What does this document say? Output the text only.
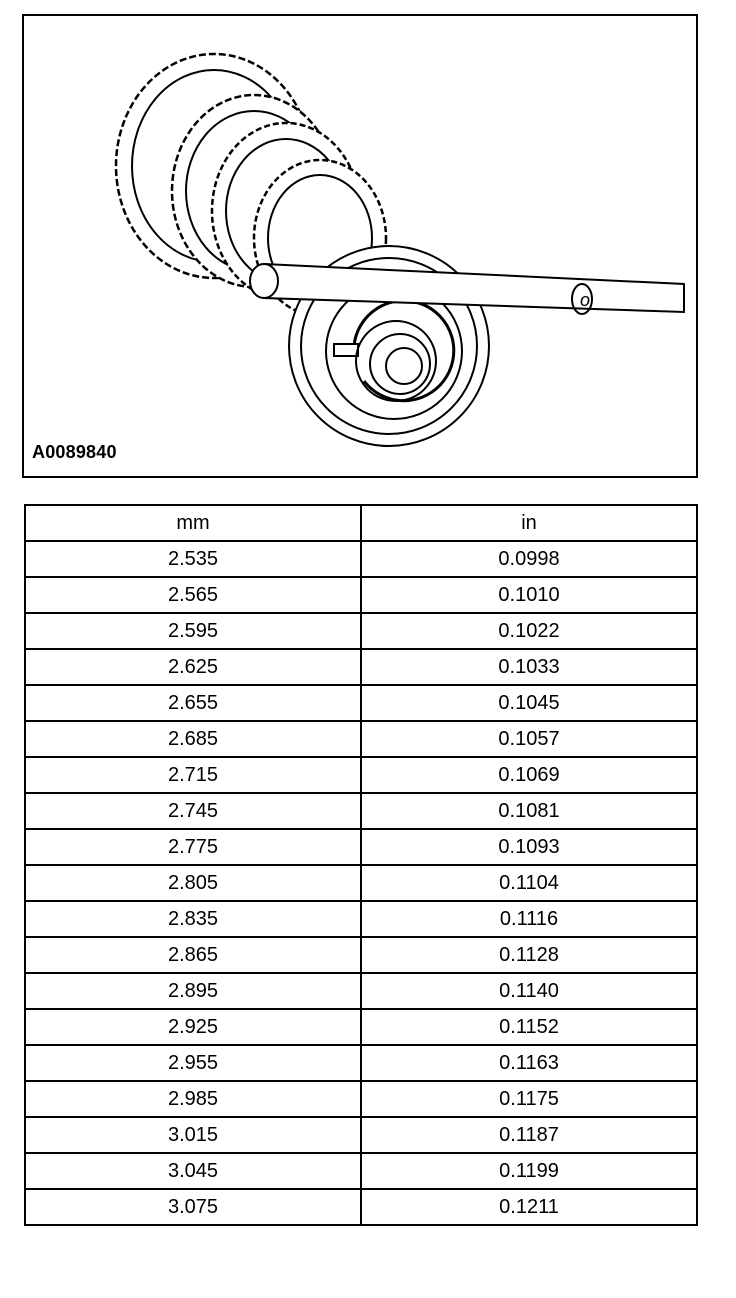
o
A0089840
mm	in
2.535	0.0998
2.565	0.1010
2.595	0.1022
2.625	0.1033
2.655	0.1045
2.685	0.1057
2.715	0.1069
2.745	0.1081
2.775	0.1093
2.805	0.1104
2.835	0.1116
2.865	0.1128
2.895	0.1140
2.925	0.1152
2.955	0.1163
2.985	0.1175
3.015	0.1187
3.045	0.1199
3.075	0.1211
